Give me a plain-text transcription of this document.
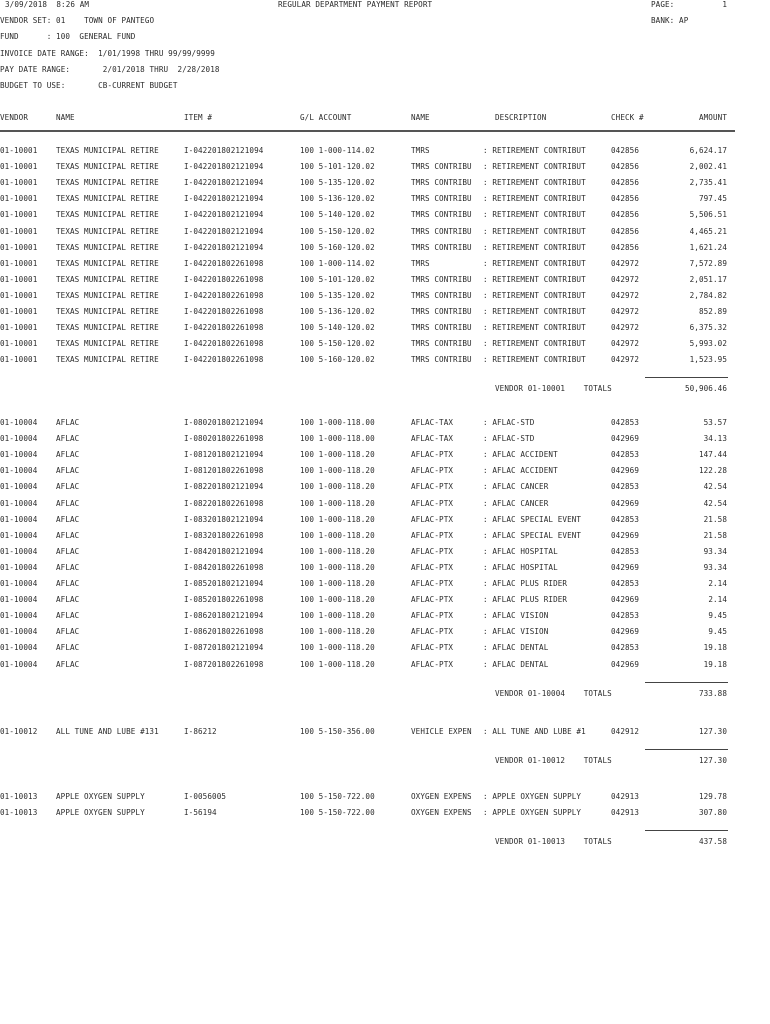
3/09/2018  8:26 AM	REGULAR DEPARTMENT PAYMENT REPORT	PAGE:	1
VENDOR SET: 01    TOWN OF PANTEGO	BANK: AP
FUND      : 100  GENERAL FUND
INVOICE DATE RANGE:  1/01/1998 THRU 99/99/9999
PAY DATE RANGE:       2/01/2018 THRU  2/28/2018
BUDGET TO USE:       CB-CURRENT BUDGET
VENDOR	NAME	ITEM #	G/L ACCOUNT	NAME	DESCRIPTION	CHECK #	AMOUNT
01-10001 TEXAS MUNICIPAL RETIRE	I-042201802121094	100 1-000-114.02	TMRS : RETIREMENT CONTRIBUT	042856	6,624.17
01-10001 TEXAS MUNICIPAL RETIRE	I-042201802121094	100 5-101-120.02	TMRS CONTRIBU : RETIREMENT CONTRIBUT	042856	2,002.41
01-10001 TEXAS MUNICIPAL RETIRE	I-042201802121094	100 5-135-120.02	TMRS CONTRIBU : RETIREMENT CONTRIBUT	042856	2,735.41
01-10001 TEXAS MUNICIPAL RETIRE	I-042201802121094	100 5-136-120.02	TMRS CONTRIBU : RETIREMENT CONTRIBUT	042856	797.45
01-10001 TEXAS MUNICIPAL RETIRE	I-042201802121094	100 5-140-120.02	TMRS CONTRIBU : RETIREMENT CONTRIBUT	042856	5,506.51
01-10001 TEXAS MUNICIPAL RETIRE	I-042201802121094	100 5-150-120.02	TMRS CONTRIBU : RETIREMENT CONTRIBUT	042856	4,465.21
01-10001 TEXAS MUNICIPAL RETIRE	I-042201802121094	100 5-160-120.02	TMRS CONTRIBU : RETIREMENT CONTRIBUT	042856	1,621.24
01-10001 TEXAS MUNICIPAL RETIRE	I-042201802261098	100 1-000-114.02	TMRS : RETIREMENT CONTRIBUT	042972	7,572.89
01-10001 TEXAS MUNICIPAL RETIRE	I-042201802261098	100 5-101-120.02	TMRS CONTRIBU : RETIREMENT CONTRIBUT	042972	2,051.17
01-10001 TEXAS MUNICIPAL RETIRE	I-042201802261098	100 5-135-120.02	TMRS CONTRIBU : RETIREMENT CONTRIBUT	042972	2,784.82
01-10001 TEXAS MUNICIPAL RETIRE	I-042201802261098	100 5-136-120.02	TMRS CONTRIBU : RETIREMENT CONTRIBUT	042972	852.89
01-10001 TEXAS MUNICIPAL RETIRE	I-042201802261098	100 5-140-120.02	TMRS CONTRIBU : RETIREMENT CONTRIBUT	042972	6,375.32
01-10001 TEXAS MUNICIPAL RETIRE	I-042201802261098	100 5-150-120.02	TMRS CONTRIBU : RETIREMENT CONTRIBUT	042972	5,993.02
01-10001 TEXAS MUNICIPAL RETIRE	I-042201802261098	100 5-160-120.02	TMRS CONTRIBU : RETIREMENT CONTRIBUT	042972	1,523.95
VENDOR 01-10001    TOTALS	50,906.46
01-10004 AFLAC	I-080201802121094	100 1-000-118.00	AFLAC-TAX : AFLAC-STD	042853	53.57
01-10004 AFLAC	I-080201802261098	100 1-000-118.00	AFLAC-TAX : AFLAC-STD	042969	34.13
01-10004 AFLAC	I-081201802121094	100 1-000-118.20	AFLAC-PTX : AFLAC ACCIDENT	042853	147.44
01-10004 AFLAC	I-081201802261098	100 1-000-118.20	AFLAC-PTX : AFLAC ACCIDENT	042969	122.28
01-10004 AFLAC	I-082201802121094	100 1-000-118.20	AFLAC-PTX : AFLAC CANCER	042853	42.54
01-10004 AFLAC	I-082201802261098	100 1-000-118.20	AFLAC-PTX : AFLAC CANCER	042969	42.54
01-10004 AFLAC	I-083201802121094	100 1-000-118.20	AFLAC-PTX : AFLAC SPECIAL EVENT	042853	21.58
01-10004 AFLAC	I-083201802261098	100 1-000-118.20	AFLAC-PTX : AFLAC SPECIAL EVENT	042969	21.58
01-10004 AFLAC	I-084201802121094	100 1-000-118.20	AFLAC-PTX : AFLAC HOSPITAL	042853	93.34
01-10004 AFLAC	I-084201802261098	100 1-000-118.20	AFLAC-PTX : AFLAC HOSPITAL	042969	93.34
01-10004 AFLAC	I-085201802121094	100 1-000-118.20	AFLAC-PTX : AFLAC PLUS RIDER	042853	2.14
01-10004 AFLAC	I-085201802261098	100 1-000-118.20	AFLAC-PTX : AFLAC PLUS RIDER	042969	2.14
01-10004 AFLAC	I-086201802121094	100 1-000-118.20	AFLAC-PTX : AFLAC VISION	042853	9.45
01-10004 AFLAC	I-086201802261098	100 1-000-118.20	AFLAC-PTX : AFLAC VISION	042969	9.45
01-10004 AFLAC	I-087201802121094	100 1-000-118.20	AFLAC-PTX : AFLAC DENTAL	042853	19.18
01-10004 AFLAC	I-087201802261098	100 1-000-118.20	AFLAC-PTX : AFLAC DENTAL	042969	19.18
VENDOR 01-10004    TOTALS	733.88
01-10012 ALL TUNE AND LUBE #131	I-86212	100 5-150-356.00	VEHICLE EXPEN : ALL TUNE AND LUBE #1	042912	127.30
VENDOR 01-10012    TOTALS	127.30
01-10013 APPLE OXYGEN SUPPLY	I-0056005	100 5-150-722.00	OXYGEN EXPENS : APPLE OXYGEN SUPPLY	042913	129.78
01-10013 APPLE OXYGEN SUPPLY	I-56194	100 5-150-722.00	OXYGEN EXPENS : APPLE OXYGEN SUPPLY	042913	307.80
VENDOR 01-10013    TOTALS	437.58
